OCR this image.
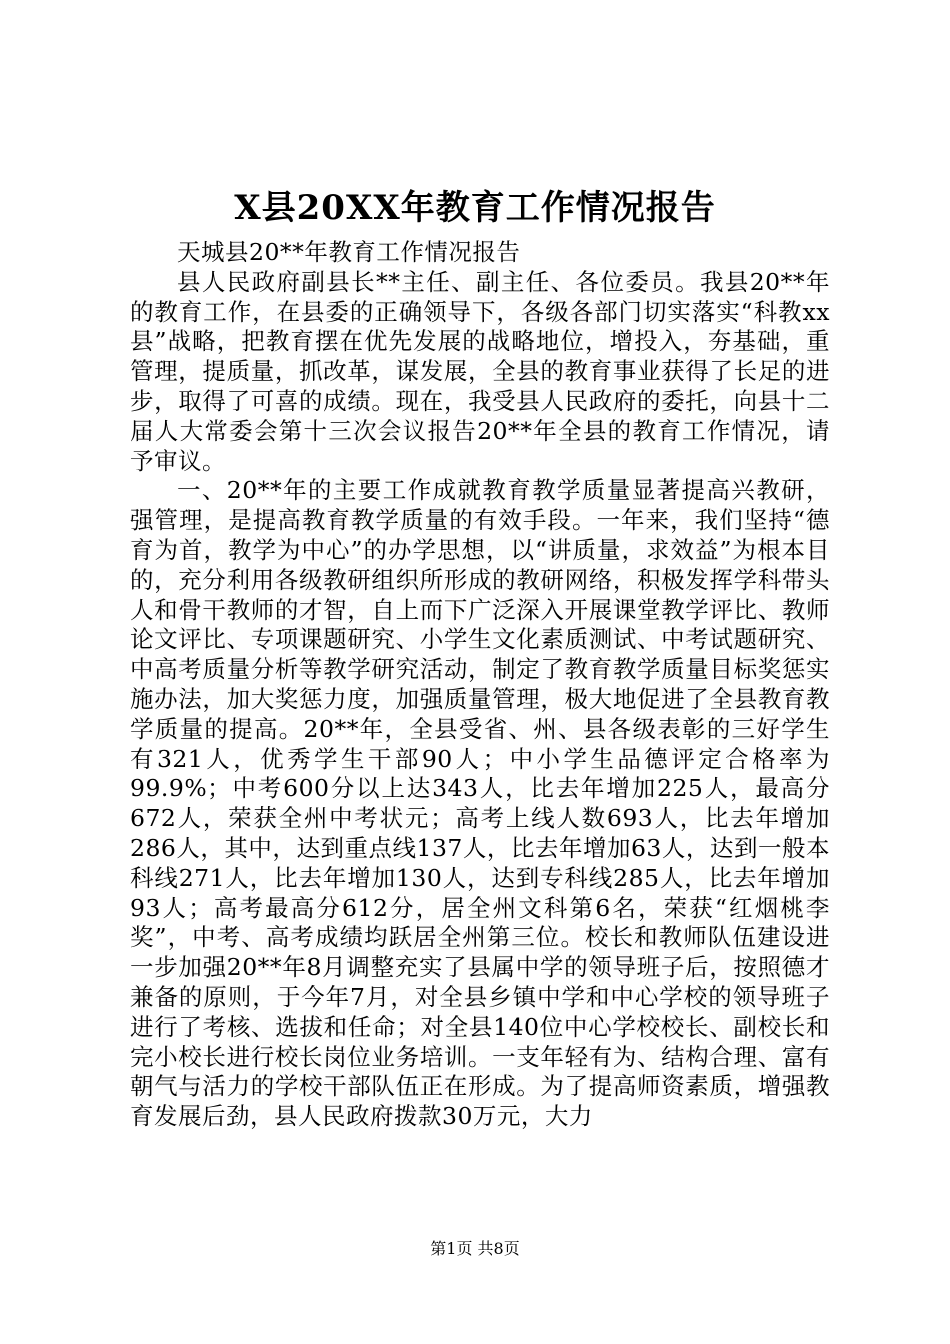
X县20XX年教育工作情况报告

天城县20**年教育工作情况报告

县人民政府副县长**主任、副主任、各位委员。我县20**年的教育工作，在县委的正确领导下，各级各部门切实落实“科教xx县”战略，把教育摆在优先发展的战略地位，增投入，夯基础，重管理，提质量，抓改革，谋发展，全县的教育事业获得了长足的进步，取得了可喜的成绩。现在，我受县人民政府的委托，向县十二届人大常委会第十三次会议报告20**年全县的教育工作情况，请予审议。

一、20**年的主要工作成就教育教学质量显著提高兴教研，强管理，是提高教育教学质量的有效手段。一年来，我们坚持“德育为首，教学为中心”的办学思想，以“讲质量，求效益”为根本目的，充分利用各级教研组织所形成的教研网络，积极发挥学科带头人和骨干教师的才智，自上而下广泛深入开展课堂教学评比、教师论文评比、专项课题研究、小学生文化素质测试、中考试题研究、中高考质量分析等教学研究活动，制定了教育教学质量目标奖惩实施办法，加大奖惩力度，加强质量管理，极大地促进了全县教育教学质量的提高。20**年，全县受省、州、县各级表彰的三好学生有321人，优秀学生干部90人；中小学生品德评定合格率为99.9%；中考600分以上达343人，比去年增加225人，最高分672人，荣获全州中考状元；高考上线人数693人，比去年增加286人，其中，达到重点线137人，比去年增加63人，达到一般本科线271人，比去年增加130人，达到专科线285人，比去年增加93人；高考最高分612分，居全州文科第6名，荣获“红烟桃李奖”，中考、高考成绩均跃居全州第三位。校长和教师队伍建设进一步加强20**年8月调整充实了县属中学的领导班子后，按照德才兼备的原则，于今年7月，对全县乡镇中学和中心学校的领导班子进行了考核、选拔和任命；对全县140位中心学校校长、副校长和完小校长进行校长岗位业务培训。一支年轻有为、结构合理、富有朝气与活力的学校干部队伍正在形成。为了提高师资素质，增强教育发展后劲，县人民政府拨款30万元，大力

第1页 共8页
